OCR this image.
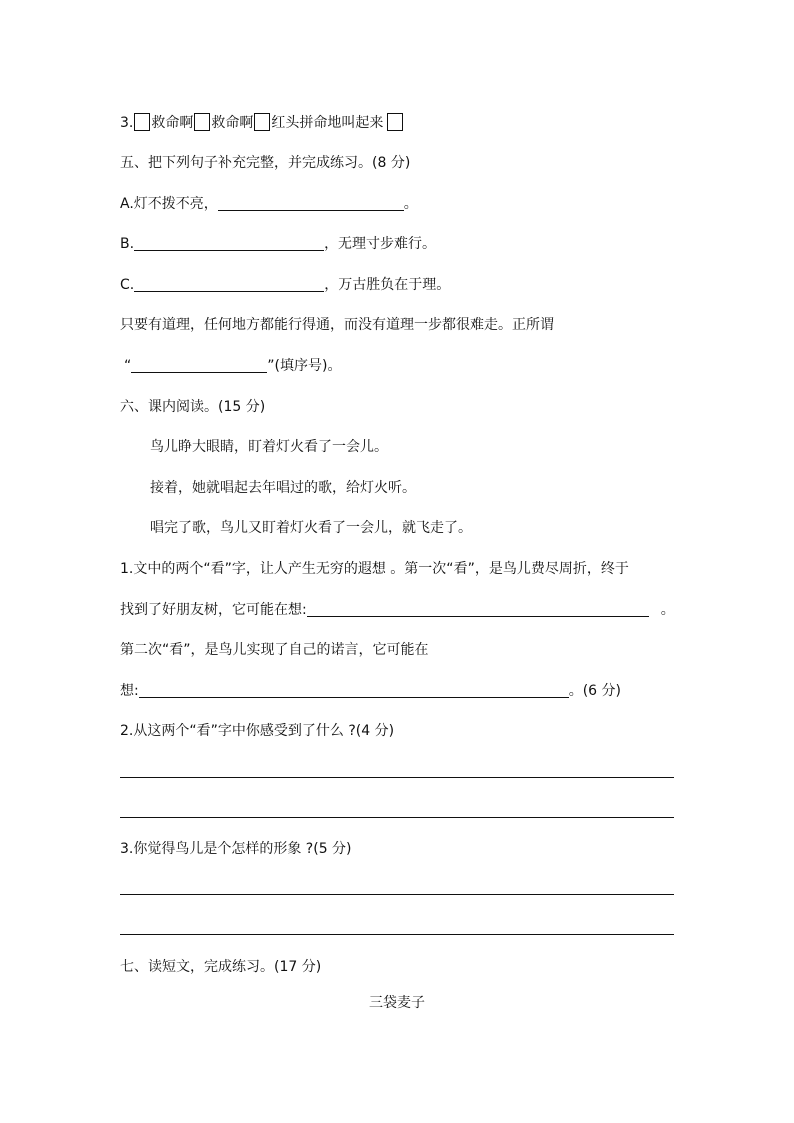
3. 救命啊 救命啊 红头拼命地叫起来
五、把下列句子补充完整，并完成练习。(8 分)
A.灯不拨不亮，	。
B.	，无理寸步难行。
C.	，万古胜负在于理。
只要有道理，任何地方都能行得通，而没有道理一步都很难走。正所谓
“	”(填序号)。
六、课内阅读。(15 分)
鸟儿睁大眼睛，盯着灯火看了一会儿。
接着，她就唱起去年唱过的歌，给灯火听。
唱完了歌，鸟儿又盯着灯火看了一会儿，就飞走了。
1.文中的两个“看”字，让人产生无穷的遐想 。第一次“看”，是鸟儿费尽周折，终于
找到了好朋友树，它可能在想:	。
第二次“看”，是鸟儿实现了自己的诺言，它可能在
想:	。(6 分)
2.从这两个“看”字中你感受到了什么 ?(4 分)
3.你觉得鸟儿是个怎样的形象 ?(5 分)
七、读短文，完成练习。(17 分)
三袋麦子
